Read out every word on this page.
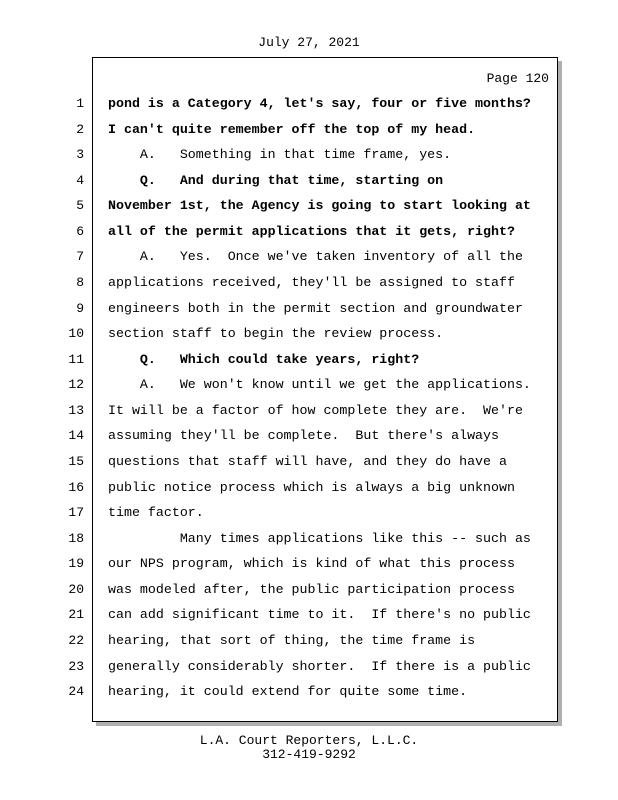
July 27, 2021
Page 120
1 pond is a Category 4, let's say, four or five months?
2 I can't quite remember off the top of my head.
3 A.   Something in that time frame, yes.
4 Q.   And during that time, starting on
5 November 1st, the Agency is going to start looking at
6 all of the permit applications that it gets, right?
7 A.   Yes.  Once we've taken inventory of all the
8 applications received, they'll be assigned to staff
9 engineers both in the permit section and groundwater
10 section staff to begin the review process.
11 Q.   Which could take years, right?
12 A.   We won't know until we get the applications.
13 It will be a factor of how complete they are.  We're
14 assuming they'll be complete.  But there's always
15 questions that staff will have, and they do have a
16 public notice process which is always a big unknown
17 time factor.
18 Many times applications like this -- such as
19 our NPS program, which is kind of what this process
20 was modeled after, the public participation process
21 can add significant time to it.  If there's no public
22 hearing, that sort of thing, the time frame is
23 generally considerably shorter.  If there is a public
24 hearing, it could extend for quite some time.
L.A. Court Reporters, L.L.C.
312-419-9292
